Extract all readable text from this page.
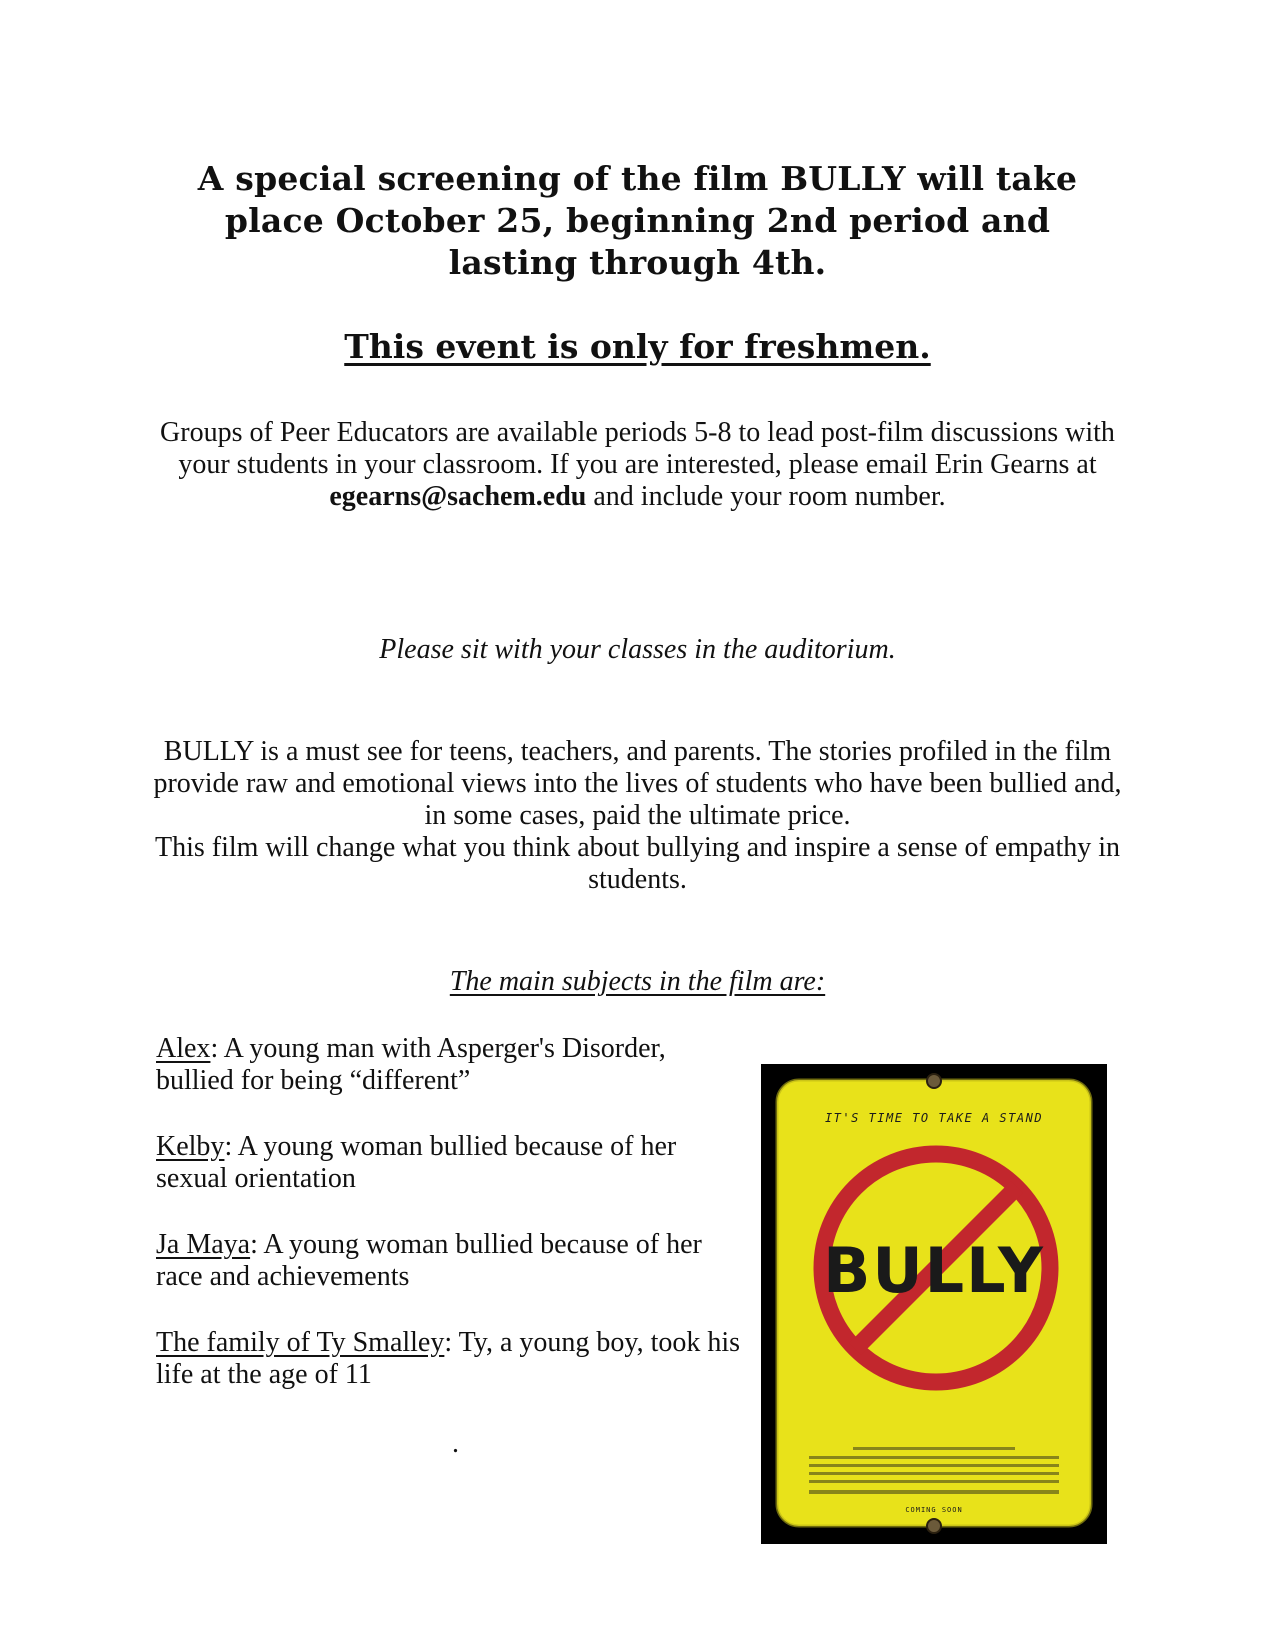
A special screening of the film BULLY will take
place October 25, beginning 2nd period and
lasting through 4th.
This event is only for freshmen.
Groups of Peer Educators are available periods 5-8 to lead post-film discussions with your students in your classroom. If you are interested, please email Erin Gearns at egearns@sachem.edu and include your room number.
Please sit with your classes in the auditorium.
BULLY is a must see for teens, teachers, and parents. The stories profiled in the film provide raw and emotional views into the lives of students who have been bullied and, in some cases, paid the ultimate price.
This film will change what you think about bullying and inspire a sense of empathy in students.
The main subjects in the film are:
Alex: A young man with Asperger's Disorder, bullied for being “different”
Kelby: A young woman bullied because of her sexual orientation
Ja Maya: A young woman bullied because of her race and achievements
The family of Ty Smalley: Ty, a young boy, took his life at the age of 11
.
IT'S TIME TO TAKE A STAND
BULLY
COMING SOON
